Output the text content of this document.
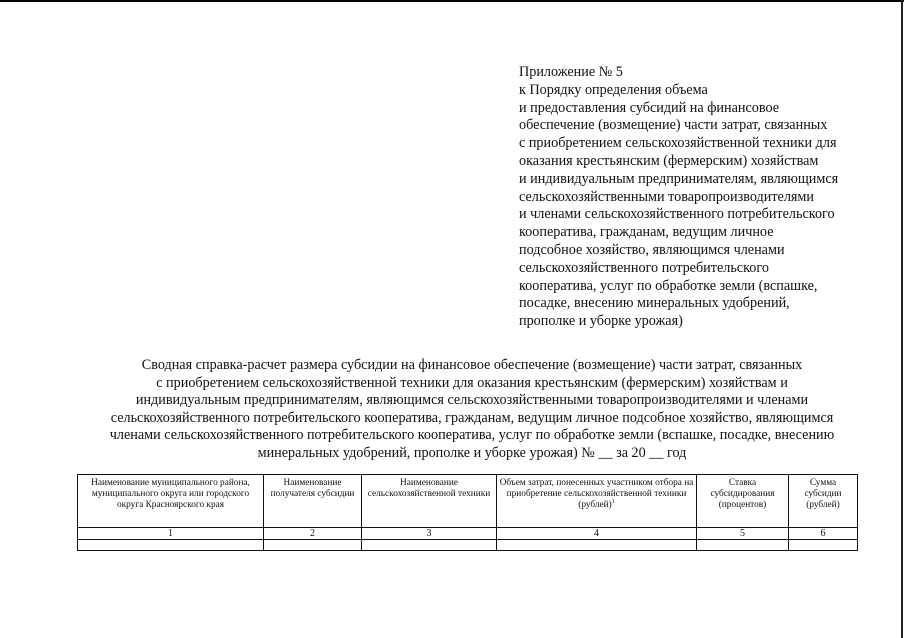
Приложение № 5
к Порядку определения объема
и предоставления субсидий на финансовое
обеспечение (возмещение) части затрат, связанных
с приобретением сельскохозяйственной техники для
оказания крестьянским (фермерским) хозяйствам
и индивидуальным предпринимателям, являющимся
сельскохозяйственными товаропроизводителями
и членами сельскохозяйственного потребительского
кооператива, гражданам, ведущим личное
подсобное хозяйство, являющимся членами
сельскохозяйственного потребительского
кооператива, услуг по обработке земли (вспашке,
посадке, внесению минеральных удобрений,
прополке и уборке урожая)
Сводная справка-расчет размера субсидии на финансовое обеспечение (возмещение) части затрат, связанных
с приобретением сельскохозяйственной техники для оказания крестьянским (фермерским) хозяйствам и
индивидуальным предпринимателям, являющимся сельскохозяйственными товаропроизводителями и членами
сельскохозяйственного потребительского кооператива, гражданам, ведущим личное подсобное хозяйство, являющимся
членами сельскохозяйственного потребительского кооператива, услуг по обработке земли (вспашке, посадке, внесению
минеральных удобрений, прополке и уборке урожая) № __ за 20 __ год
Наименование муниципального района, муниципального округа или городского округа Красноярского края	Наименование получателя субсидии	Наименование сельскохозяйственной техники	Объем затрат, понесенных участником отбора на приобретение сельскохозяйственной техники (рублей)$^1$	Ставка субсидирования (процентов)	Сумма субсидии (рублей)
1	2	3	4	5	6
